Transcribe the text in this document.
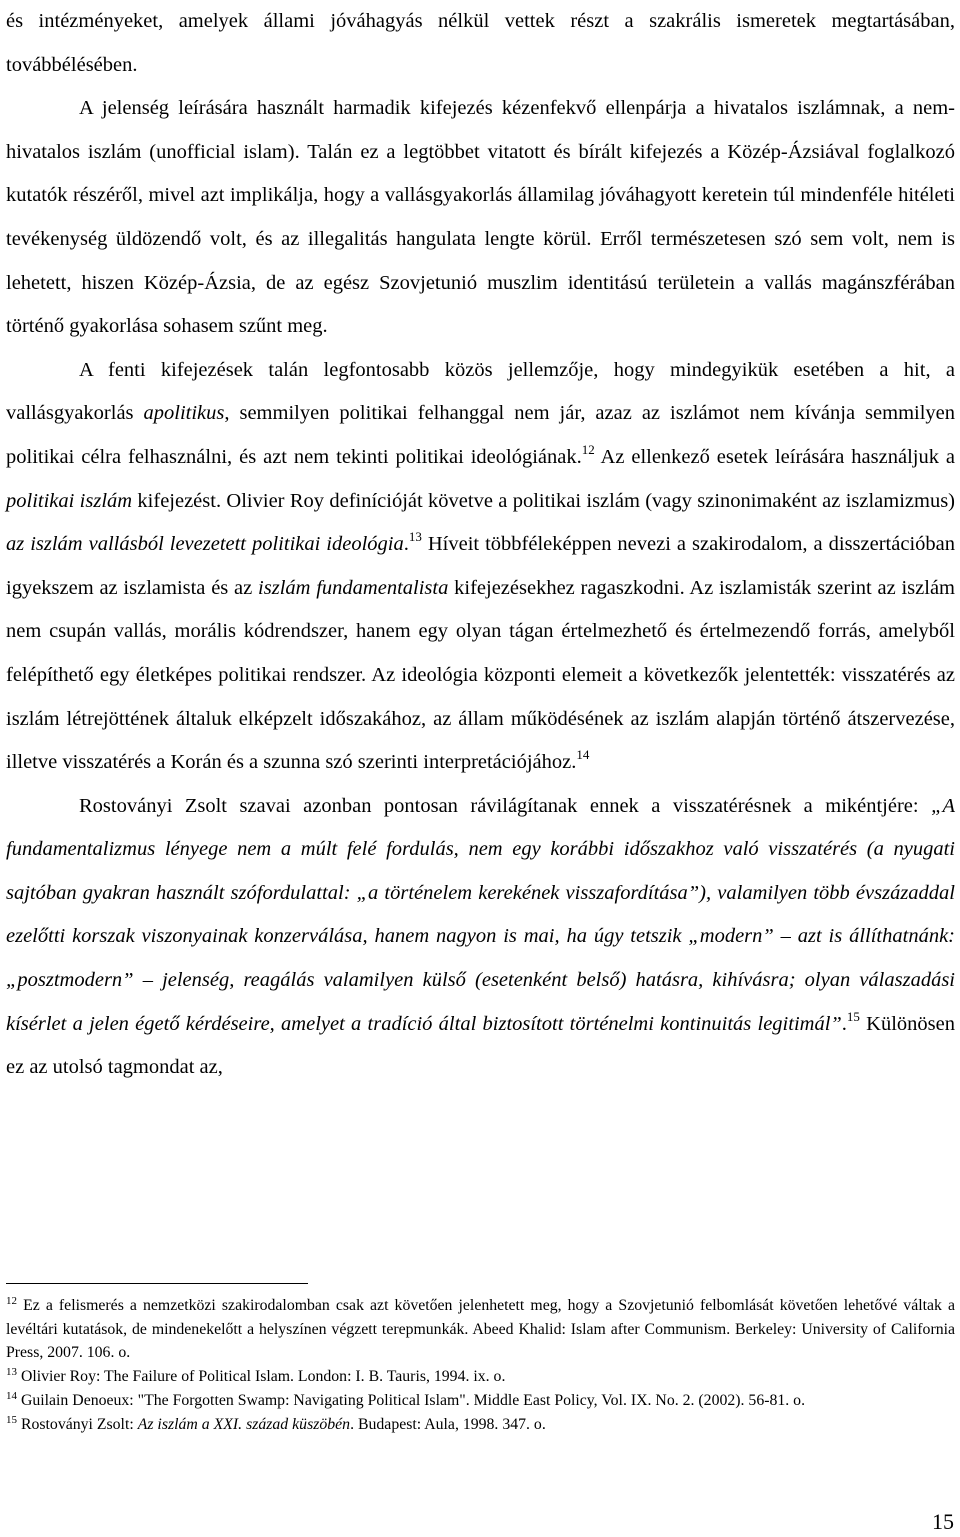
és intézményeket, amelyek állami jóváhagyás nélkül vettek részt a szakrális ismeretek megtartásában, továbbélésében.

A jelenség leírására használt harmadik kifejezés kézenfekvő ellenpárja a hivatalos iszlámnak, a nem-hivatalos iszlám (unofficial islam). Talán ez a legtöbbet vitatott és bírált kifejezés a Közép-Ázsiával foglalkozó kutatók részéről, mivel azt implikálja, hogy a vallásgyakorlás államilag jóváhagyott keretein túl mindenféle hitéleti tevékenység üldözendő volt, és az illegalitás hangulata lengte körül. Erről természetesen szó sem volt, nem is lehetett, hiszen Közép-Ázsia, de az egész Szovjetunió muszlim identitású területein a vallás magánszférában történő gyakorlása sohasem szűnt meg.

A fenti kifejezések talán legfontosabb közös jellemzője, hogy mindegyikük esetében a hit, a vallásgyakorlás apolitikus, semmilyen politikai felhanggal nem jár, azaz az iszlámot nem kívánja semmilyen politikai célra felhasználni, és azt nem tekinti politikai ideológiának.$^{12}$ Az ellenkező esetek leírására használjuk a politikai iszlám kifejezést. Olivier Roy definícióját követve a politikai iszlám (vagy szinonimaként az iszlamizmus) az iszlám vallásból levezetett politikai ideológia.$^{13}$ Híveit többféleképpen nevezi a szakirodalom, a disszertációban igyekszem az iszlamista és az iszlám fundamentalista kifejezésekhez ragaszkodni. Az iszlamisták szerint az iszlám nem csupán vallás, morális kódrendszer, hanem egy olyan tágan értelmezhető és értelmezendő forrás, amelyből felépíthető egy életképes politikai rendszer. Az ideológia központi elemeit a következők jelentették: visszatérés az iszlám létrejöttének általuk elképzelt időszakához, az állam működésének az iszlám alapján történő átszervezése, illetve visszatérés a Korán és a szunna szó szerinti interpretációjához.$^{14}$

Rostoványi Zsolt szavai azonban pontosan rávilágítanak ennek a visszatérésnek a mikéntjére: „A fundamentalizmus lényege nem a múlt felé fordulás, nem egy korábbi időszakhoz való visszatérés (a nyugati sajtóban gyakran használt szófordulattal: „a történelem kerekének visszafordítása”), valamilyen több évszázaddal ezelőtti korszak viszonyainak konzerválása, hanem nagyon is mai, ha úgy tetszik „modern” – azt is állíthatnánk: „posztmodern” – jelenség, reagálás valamilyen külső (esetenként belső) hatásra, kihívásra; olyan válaszadási kísérlet a jelen égető kérdéseire, amelyet a tradíció által biztosított történelmi kontinuitás legitimál”.$^{15}$ Különösen ez az utolsó tagmondat az,

$^{12}$ Ez a felismerés a nemzetközi szakirodalomban csak azt követően jelenhetett meg, hogy a Szovjetunió felbomlását követően lehetővé váltak a levéltári kutatások, de mindenekelőtt a helyszínen végzett terepmunkák. Abeed Khalid: Islam after Communism. Berkeley: University of California Press, 2007. 106. o.

$^{13}$ Olivier Roy: The Failure of Political Islam. London: I. B. Tauris, 1994. ix. o.

$^{14}$ Guilain Denoeux: "The Forgotten Swamp: Navigating Political Islam". Middle East Policy, Vol. IX. No. 2. (2002). 56-81. o.

$^{15}$ Rostoványi Zsolt: Az iszlám a XXI. század küszöbén. Budapest: Aula, 1998. 347. o.

15
